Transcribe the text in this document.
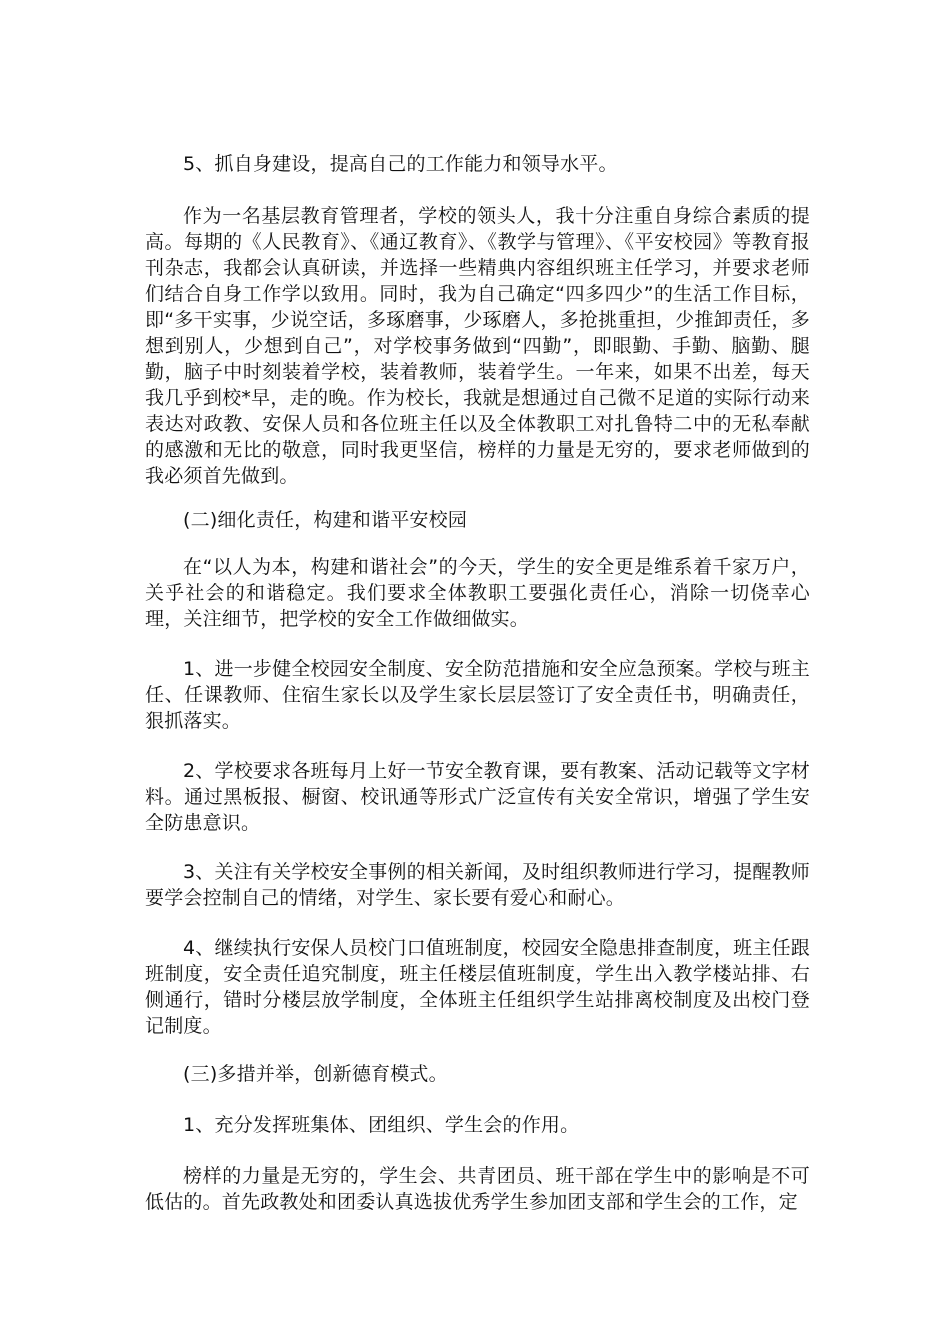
5、抓自身建设，提高自己的工作能力和领导水平。

作为一名基层教育管理者，学校的领头人，我十分注重自身综合素质的提高。每期的《人民教育》、《通辽教育》、《教学与管理》、《平安校园》等教育报刊杂志，我都会认真研读，并选择一些精典内容组织班主任学习，并要求老师们结合自身工作学以致用。同时，我为自己确定“四多四少”的生活工作目标，即“多干实事，少说空话，多琢磨事，少琢磨人，多抢挑重担，少推卸责任，多想到别人，少想到自己”，对学校事务做到“四勤”，即眼勤、手勤、脑勤、腿勤，脑子中时刻装着学校，装着教师，装着学生。一年来，如果不出差，每天我几乎到校*早，走的晚。作为校长，我就是想通过自己微不足道的实际行动来表达对政教、安保人员和各位班主任以及全体教职工对扎鲁特二中的无私奉献的感激和无比的敬意，同时我更坚信，榜样的力量是无穷的，要求老师做到的我必须首先做到。

(二)细化责任，构建和谐平安校园

在“以人为本，构建和谐社会”的今天，学生的安全更是维系着千家万户，关乎社会的和谐稳定。我们要求全体教职工要强化责任心，消除一切侥幸心理，关注细节，把学校的安全工作做细做实。

1、进一步健全校园安全制度、安全防范措施和安全应急预案。学校与班主任、任课教师、住宿生家长以及学生家长层层签订了安全责任书，明确责任，狠抓落实。

2、学校要求各班每月上好一节安全教育课，要有教案、活动记载等文字材料。通过黑板报、橱窗、校讯通等形式广泛宣传有关安全常识，增强了学生安全防患意识。

3、关注有关学校安全事例的相关新闻，及时组织教师进行学习，提醒教师要学会控制自己的情绪，对学生、家长要有爱心和耐心。

4、继续执行安保人员校门口值班制度，校园安全隐患排查制度，班主任跟班制度，安全责任追究制度，班主任楼层值班制度，学生出入教学楼站排、右侧通行，错时分楼层放学制度，全体班主任组织学生站排离校制度及出校门登记制度。

(三)多措并举，创新德育模式。

1、充分发挥班集体、团组织、学生会的作用。

榜样的力量是无穷的，学生会、共青团员、班干部在学生中的影响是不可低估的。首先政教处和团委认真选拔优秀学生参加团支部和学生会的工作，定
